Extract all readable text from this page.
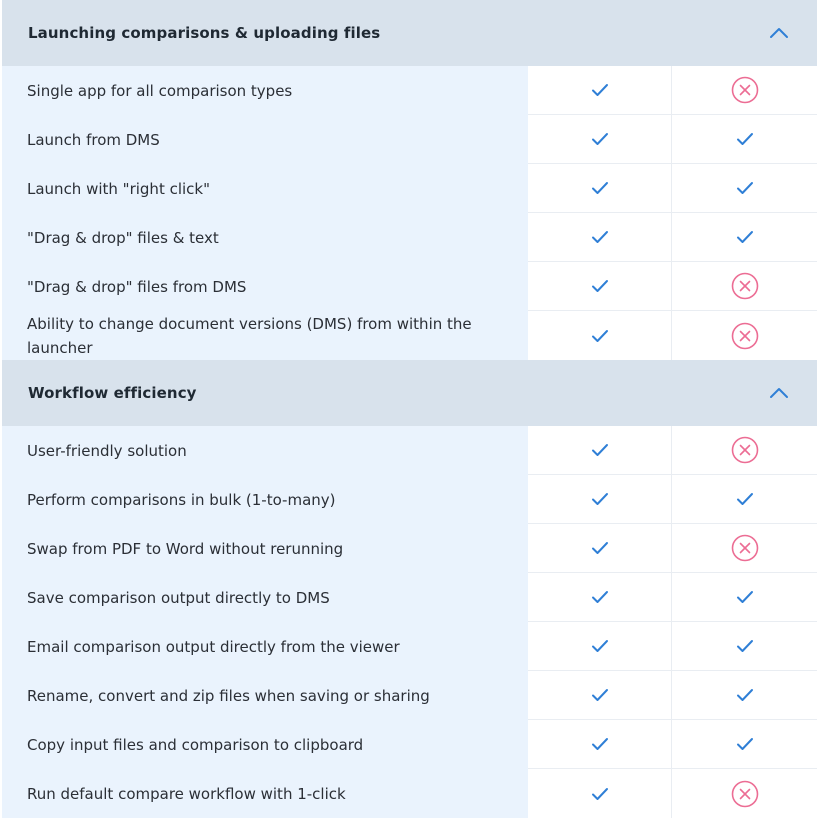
Launching comparisons & uploading files
Single app for all comparison types
Launch from DMS
Launch with "right click"
"Drag & drop" files & text
"Drag & drop" files from DMS
Ability to change document versions (DMS) from within the launcher
Workflow efficiency
User-friendly solution
Perform comparisons in bulk (1-to-many)
Swap from PDF to Word without rerunning
Save comparison output directly to DMS
Email comparison output directly from the viewer
Rename, convert and zip files when saving or sharing
Copy input files and comparison to clipboard
Run default compare workflow with 1-click
